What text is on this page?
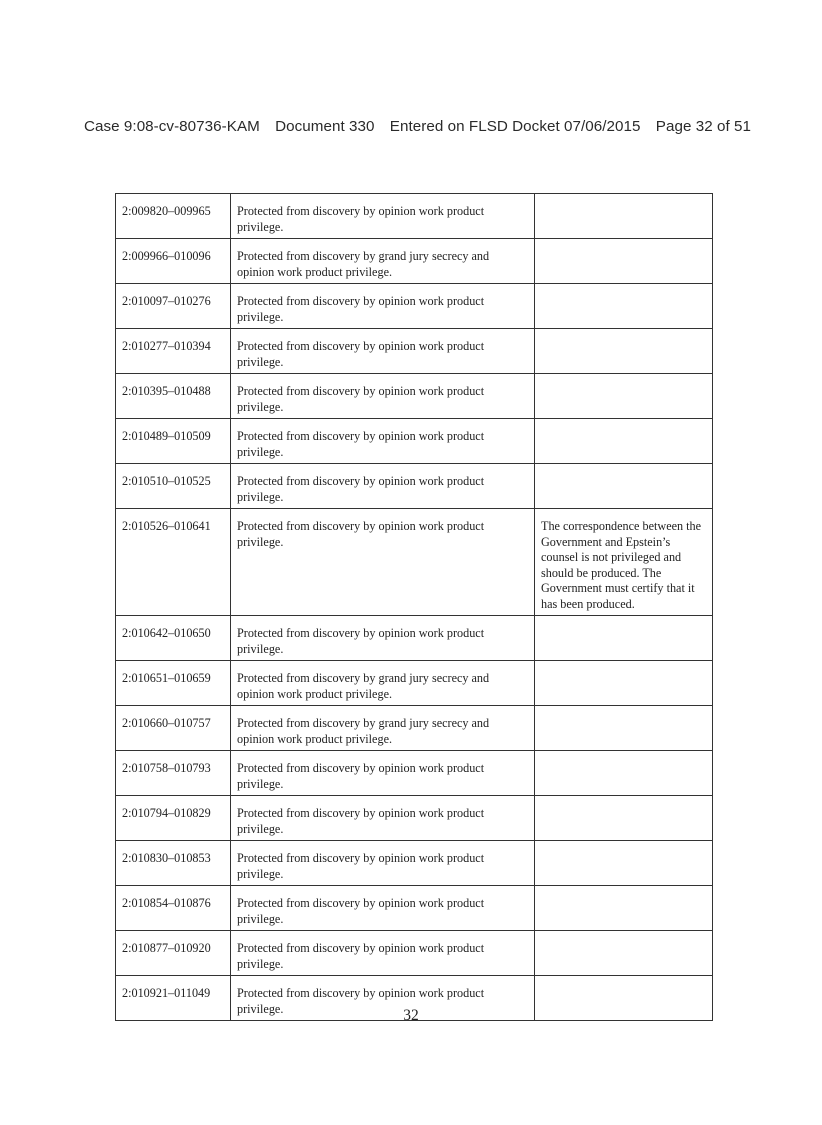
Case 9:08-cv-80736-KAM Document 330 Entered on FLSD Docket 07/06/2015 Page 32 of 51
2:009820–009965	Protected from discovery by opinion work product privilege.	
2:009966–010096	Protected from discovery by grand jury secrecy and opinion work product privilege.	
2:010097–010276	Protected from discovery by opinion work product privilege.	
2:010277–010394	Protected from discovery by opinion work product privilege.	
2:010395–010488	Protected from discovery by opinion work product privilege.	
2:010489–010509	Protected from discovery by opinion work product privilege.	
2:010510–010525	Protected from discovery by opinion work product privilege.	
2:010526–010641	Protected from discovery by opinion work product privilege.	The correspondence between the Government and Epstein’s counsel is not privileged and should be produced. The Government must certify that it has been produced.
2:010642–010650	Protected from discovery by opinion work product privilege.	
2:010651–010659	Protected from discovery by grand jury secrecy and opinion work product privilege.	
2:010660–010757	Protected from discovery by grand jury secrecy and opinion work product privilege.	
2:010758–010793	Protected from discovery by opinion work product privilege.	
2:010794–010829	Protected from discovery by opinion work product privilege.	
2:010830–010853	Protected from discovery by opinion work product privilege.	
2:010854–010876	Protected from discovery by opinion work product privilege.	
2:010877–010920	Protected from discovery by opinion work product privilege.	
2:010921–011049	Protected from discovery by opinion work product privilege.		32
